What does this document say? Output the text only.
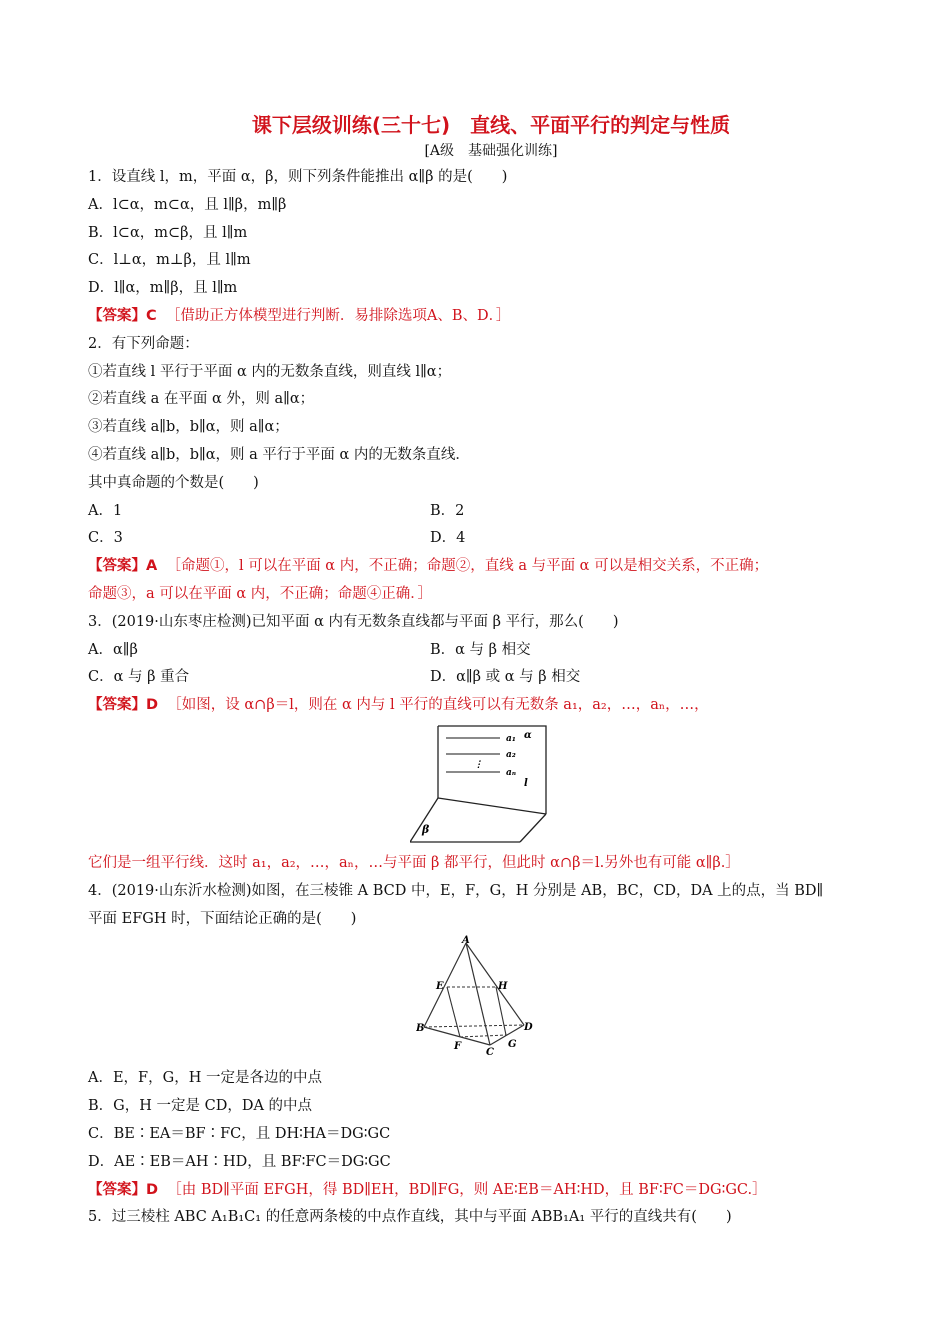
课下层级训练(三十七)　直线、平面平行的判定与性质
[A级　基础强化训练]
1．设直线 l，m，平面 α，β，则下列条件能推出 α∥β 的是(　　)
A．l⊂α，m⊂α，且 l∥β，m∥β
B．l⊂α，m⊂β，且 l∥m
C．l⊥α，m⊥β，且 l∥m
D．l∥α，m∥β，且 l∥m
【答案】C ［借助正方体模型进行判断．易排除选项A、B、D．］
2．有下列命题：
①若直线 l 平行于平面 α 内的无数条直线，则直线 l∥α；
②若直线 a 在平面 α 外，则 a∥α；
③若直线 a∥b，b∥α，则 a∥α；
④若直线 a∥b，b∥α，则 a 平行于平面 α 内的无数条直线．
其中真命题的个数是(　　)
A．1	B．2
C．3	D．4
【答案】A ［命题①，l 可以在平面 α 内，不正确；命题②，直线 a 与平面 α 可以是相交关系，不正确；
命题③，a 可以在平面 α 内，不正确；命题④正确．］
3．(2019·山东枣庄检测)已知平面 α 内有无数条直线都与平面 β 平行，那么(　　)
A．α∥β	B．α 与 β 相交
C．α 与 β 重合	D．α∥β 或 α 与 β 相交
【答案】D ［如图，设 α∩β＝l，则在 α 内与 l 平行的直线可以有无数条 a₁，a₂，…，aₙ，…，
a₁
a₂
⋮
aₙ
α
l
β
它们是一组平行线．这时 a₁，a₂，…，aₙ，…与平面 β 都平行，但此时 α∩β＝l.另外也有可能 α∥β.］
4．(2019·山东沂水检测)如图，在三棱锥 A BCD 中，E，F，G，H 分别是 AB，BC，CD，DA 上的点，当 BD∥
平面 EFGH 时，下面结论正确的是(　　)
A
B
C
D
E
F	G
H
A．E，F，G，H 一定是各边的中点
B．G，H 一定是 CD，DA 的中点
C．BE∶EA＝BF∶FC，且 DH∶HA＝DG∶GC
D．AE∶EB＝AH∶HD，且 BF∶FC＝DG∶GC
【答案】D ［由 BD∥平面 EFGH，得 BD∥EH，BD∥FG，则 AE∶EB＝AH∶HD，且 BF∶FC＝DG∶GC.］
5．过三棱柱 ABC A₁B₁C₁ 的任意两条棱的中点作直线，其中与平面 ABB₁A₁ 平行的直线共有(　　)
